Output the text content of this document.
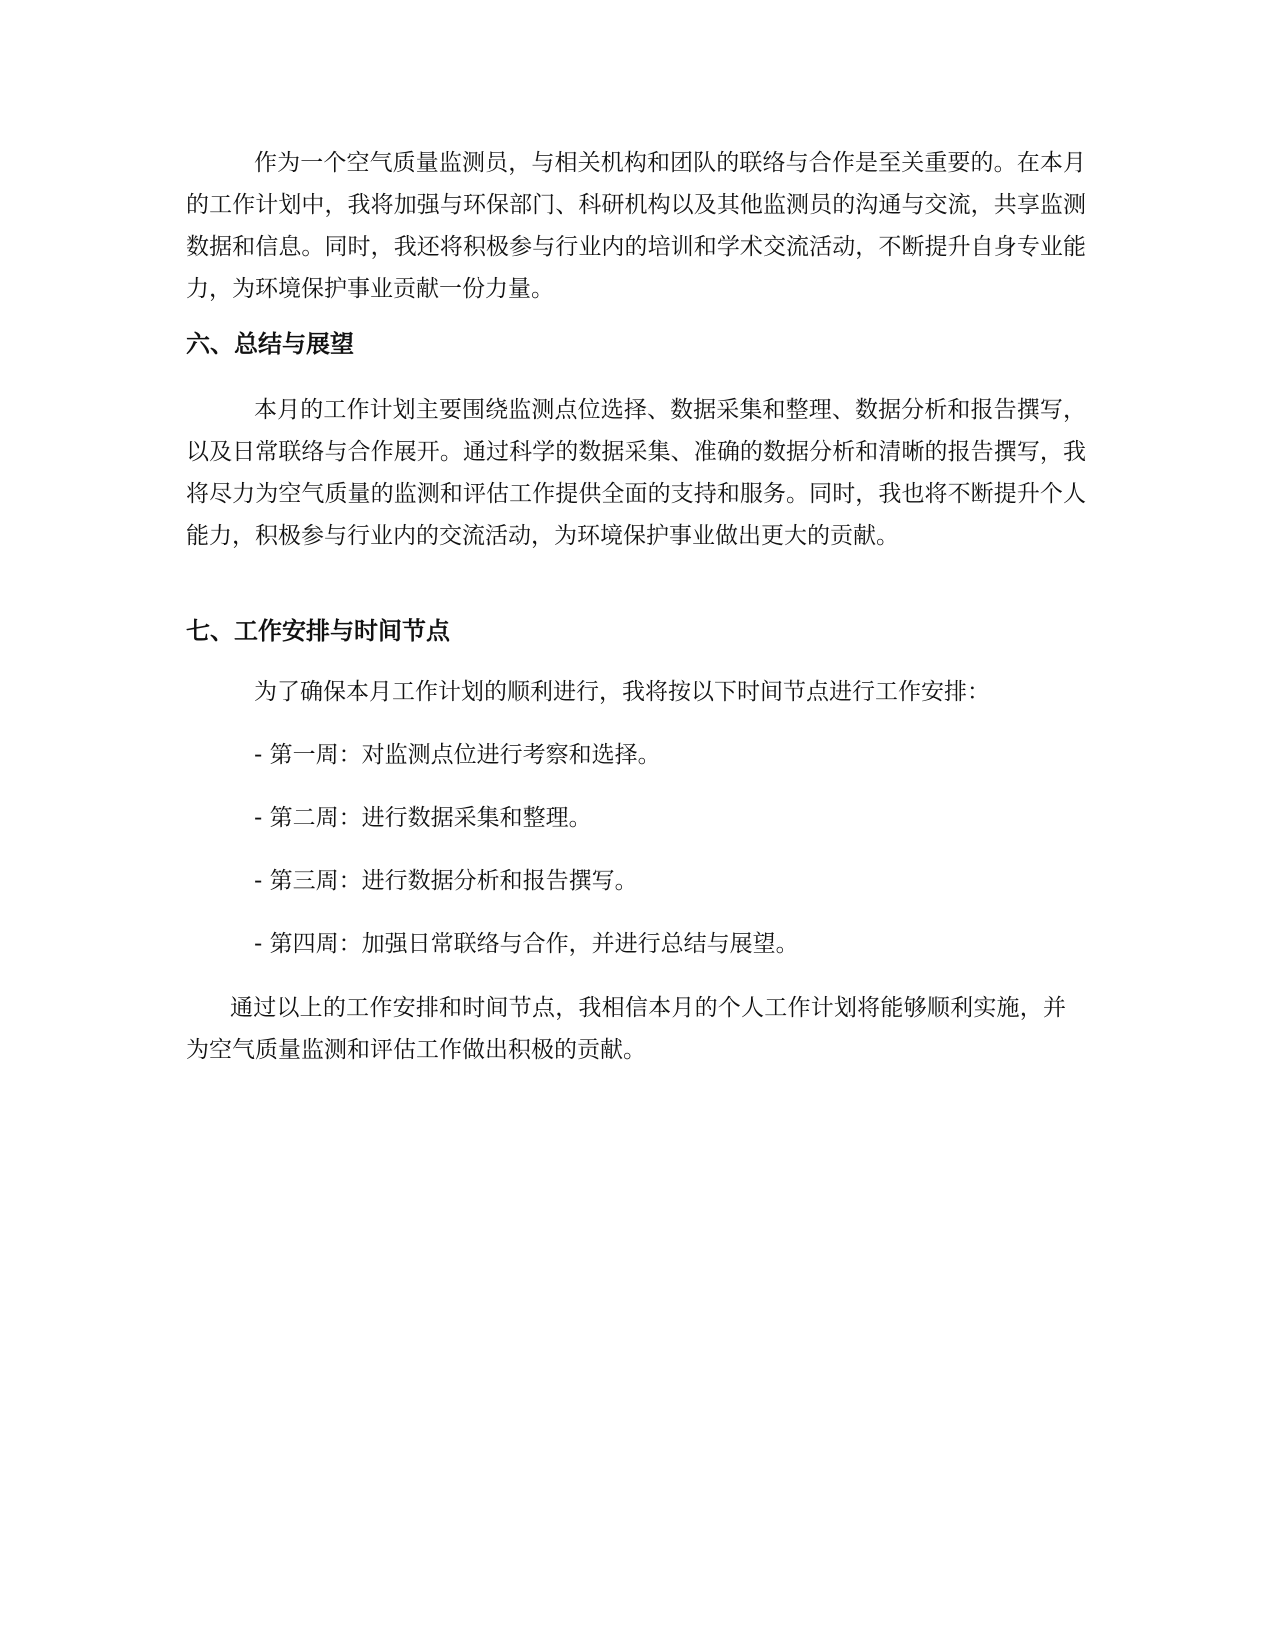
作为一个空气质量监测员，与相关机构和团队的联络与合作是至关重要的。在本月的工作计划中，我将加强与环保部门、科研机构以及其他监测员的沟通与交流，共享监测数据和信息。同时，我还将积极参与行业内的培训和学术交流活动，不断提升自身专业能力，为环境保护事业贡献一份力量。

六、总结与展望

本月的工作计划主要围绕监测点位选择、数据采集和整理、数据分析和报告撰写，以及日常联络与合作展开。通过科学的数据采集、准确的数据分析和清晰的报告撰写，我将尽力为空气质量的监测和评估工作提供全面的支持和服务。同时，我也将不断提升个人能力，积极参与行业内的交流活动，为环境保护事业做出更大的贡献。

七、工作安排与时间节点

为了确保本月工作计划的顺利进行，我将按以下时间节点进行工作安排：

- 第一周：对监测点位进行考察和选择。

- 第二周：进行数据采集和整理。

- 第三周：进行数据分析和报告撰写。

- 第四周：加强日常联络与合作，并进行总结与展望。

通过以上的工作安排和时间节点，我相信本月的个人工作计划将能够顺利实施，并为空气质量监测和评估工作做出积极的贡献。
